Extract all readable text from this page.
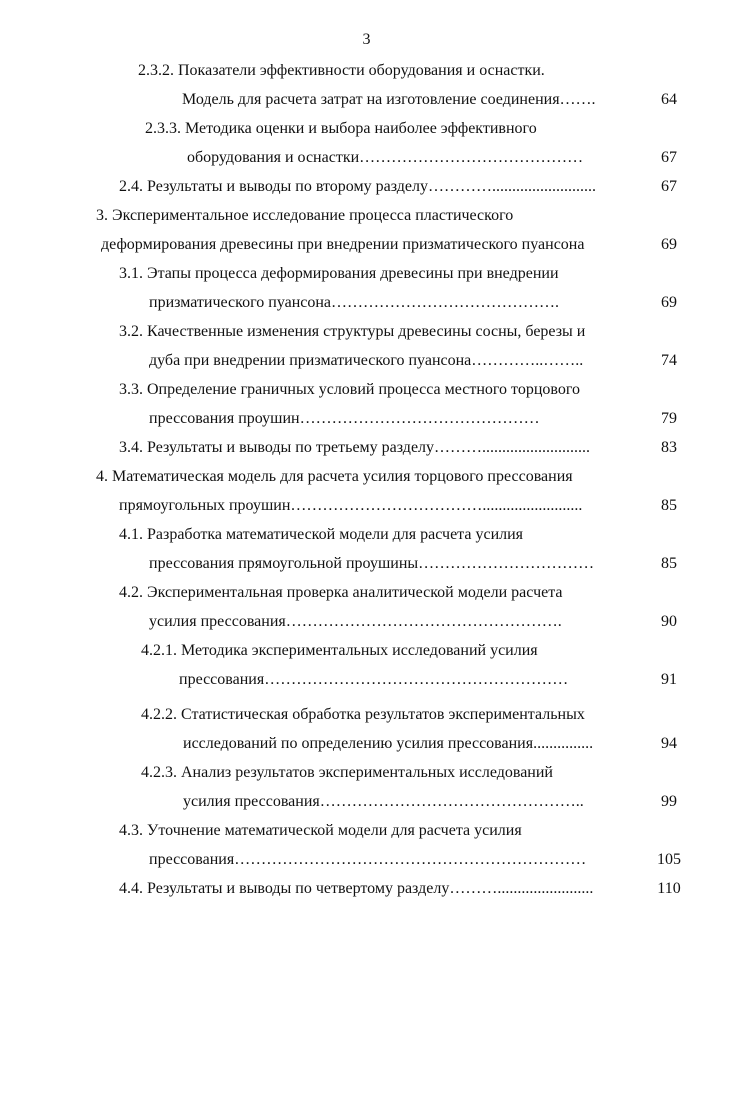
3
2.3.2. Показатели эффективности оборудования и оснастки.
Модель для расчета затрат на изготовление соединения…….	64
2.3.3. Методика оценки и выбора наиболее эффективного
оборудования и оснастки……………………………………	67
2.4. Результаты и выводы по второму разделу…………..........................	67
3. Экспериментальное исследование процесса пластического
деформирования древесины при внедрении призматического пуансона	69
3.1. Этапы процесса деформирования древесины при внедрении
призматического пуансона…………………………………….	69
3.2. Качественные изменения структуры древесины сосны, березы и
дуба при внедрении призматического пуансона…………..……..	74
3.3. Определение граничных условий процесса местного торцового
прессования проушин………………………………………	79
3.4. Результаты и выводы по третьему разделу………...........................	83
4. Математическая модель для расчета усилия торцового прессования
прямоугольных проушин……………………………….........................	85
4.1. Разработка математической модели для расчета усилия
прессования прямоугольной проушины……………………………	85
4.2. Экспериментальная проверка аналитической модели расчета
усилия прессования…………………………………………….	90
4.2.1. Методика экспериментальных исследований усилия
прессования…………………………………………………	91
4.2.2. Статистическая обработка результатов экспериментальных
исследований по определению усилия прессования...............	94
4.2.3. Анализ результатов экспериментальных исследований
усилия прессования…………………………………………..	99
4.3. Уточнение математической модели для расчета усилия
прессования…………………………………………………………	105
4.4. Результаты и выводы по четвертому разделу………........................	110
